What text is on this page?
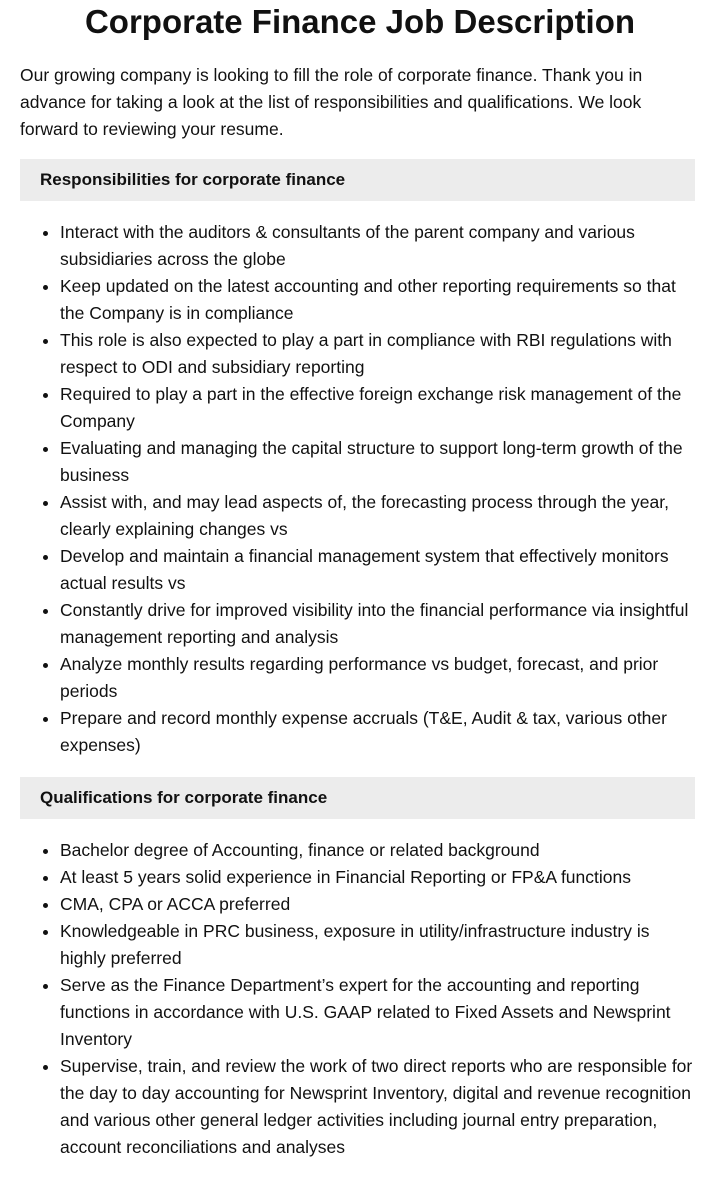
Corporate Finance Job Description

Our growing company is looking to fill the role of corporate finance. Thank you in advance for taking a look at the list of responsibilities and qualifications. We look forward to reviewing your resume.

Responsibilities for corporate finance
• Interact with the auditors & consultants of the parent company and various subsidiaries across the globe
• Keep updated on the latest accounting and other reporting requirements so that the Company is in compliance
• This role is also expected to play a part in compliance with RBI regulations with respect to ODI and subsidiary reporting
• Required to play a part in the effective foreign exchange risk management of the Company
• Evaluating and managing the capital structure to support long-term growth of the business
• Assist with, and may lead aspects of, the forecasting process through the year, clearly explaining changes vs
• Develop and maintain a financial management system that effectively monitors actual results vs
• Constantly drive for improved visibility into the financial performance via insightful management reporting and analysis
• Analyze monthly results regarding performance vs budget, forecast, and prior periods
• Prepare and record monthly expense accruals (T&E, Audit & tax, various other expenses)
Qualifications for corporate finance
• Bachelor degree of Accounting, finance or related background
• At least 5 years solid experience in Financial Reporting or FP&A functions
• CMA, CPA or ACCA preferred
• Knowledgeable in PRC business, exposure in utility/infrastructure industry is highly preferred
• Serve as the Finance Department’s expert for the accounting and reporting functions in accordance with U.S. GAAP related to Fixed Assets and Newsprint Inventory
• Supervise, train, and review the work of two direct reports who are responsible for the day to day accounting for Newsprint Inventory, digital and revenue recognition and various other general ledger activities including journal entry preparation, account reconciliations and analyses
